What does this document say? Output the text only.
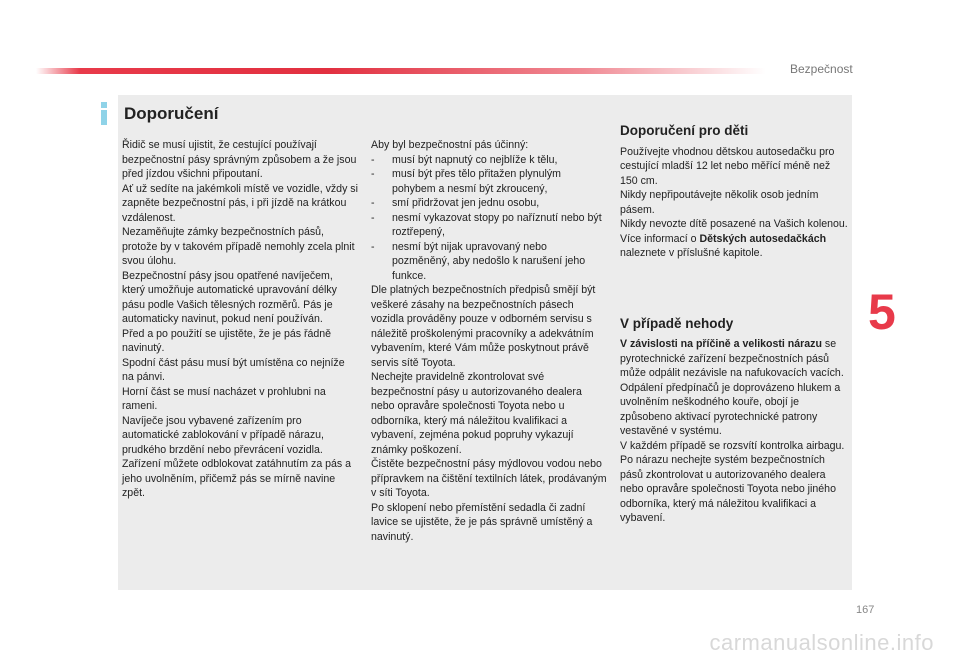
Bezpečnost
Doporučení

Řidič se musí ujistit, že cestující používají bezpečnostní pásy správným způsobem a že jsou před jízdou všichni připoutaní.

Ať už sedíte na jakémkoli místě ve vozidle, vždy si zapněte bezpečnostní pás, i při jízdě na krátkou vzdálenost.

Nezaměňujte zámky bezpečnostních pásů, protože by v takovém případě nemohly zcela plnit svou úlohu.

Bezpečnostní pásy jsou opatřené navíječem, který umožňuje automatické upravování délky pásu podle Vašich tělesných rozměrů. Pás je automaticky navinut, pokud není používán.

Před a po použití se ujistěte, že je pás řádně navinutý.

Spodní část pásu musí být umístěna co nejníže na pánvi.

Horní část se musí nacházet v prohlubni na rameni.

Navíječe jsou vybavené zařízením pro automatické zablokování v případě nárazu, prudkého brzdění nebo převrácení vozidla. Zařízení můžete odblokovat zatáhnutím za pás a jeho uvolněním, přičemž pás se mírně navine zpět.

Aby byl bezpečnostní pás účinný:

-	musí být napnutý co nejblíže k tělu,
-	musí být přes tělo přitažen plynulým pohybem a nesmí být zkroucený,
-	smí přidržovat jen jednu osobu,
-	nesmí vykazovat stopy po naříznutí nebo být roztřepený,
-	nesmí být nijak upravovaný nebo pozměněný, aby nedošlo k narušení jeho funkce.

Dle platných bezpečnostních předpisů smějí být veškeré zásahy na bezpečnostních pásech vozidla prováděny pouze v odborném servisu s náležitě proškolenými pracovníky a adekvátním vybavením, které Vám může poskytnout právě servis sítě Toyota.

Nechejte pravidelně zkontrolovat své bezpečnostní pásy u autorizovaného dealera nebo opravåre společnosti Toyota nebo u odborníka, který má náležitou kvalifikaci a vybavení, zejména pokud popruhy vykazují známky poškození.

Čistěte bezpečnostní pásy mýdlovou vodou nebo přípravkem na čištění textilních látek, prodávaným v síti Toyota.

Po sklopení nebo přemístění sedadla či zadní lavice se ujistěte, že je pás správně umístěný a navinutý.

Doporučení pro děti

Používejte vhodnou dětskou autosedačku pro cestující mladší 12 let nebo měřící méně než 150 cm.

Nikdy nepřipoutávejte několik osob jedním pásem.

Nikdy nevozte dítě posazené na Vašich kolenou.

Více informací o Dětských autosedačkách naleznete v příslušné kapitole.

V případě nehody

V závislosti na příčině a velikosti nárazu se pyrotechnické zařízení bezpečnostních pásů může odpálit nezávisle na nafukovacích vacích. Odpálení předpínačů je doprovázeno hlukem a uvolněním neškodného kouře, obojí je způsobeno aktivací pyrotechnické patrony vestavěné v systému.

V každém případě se rozsvítí kontrolka airbagu.

Po nárazu nechejte systém bezpečnostních pásů zkontrolovat u autorizovaného dealera nebo opravåre společnosti Toyota nebo jiného odborníka, který má náležitou kvalifikaci a vybavení.

5
167
carmanualsonline.info
